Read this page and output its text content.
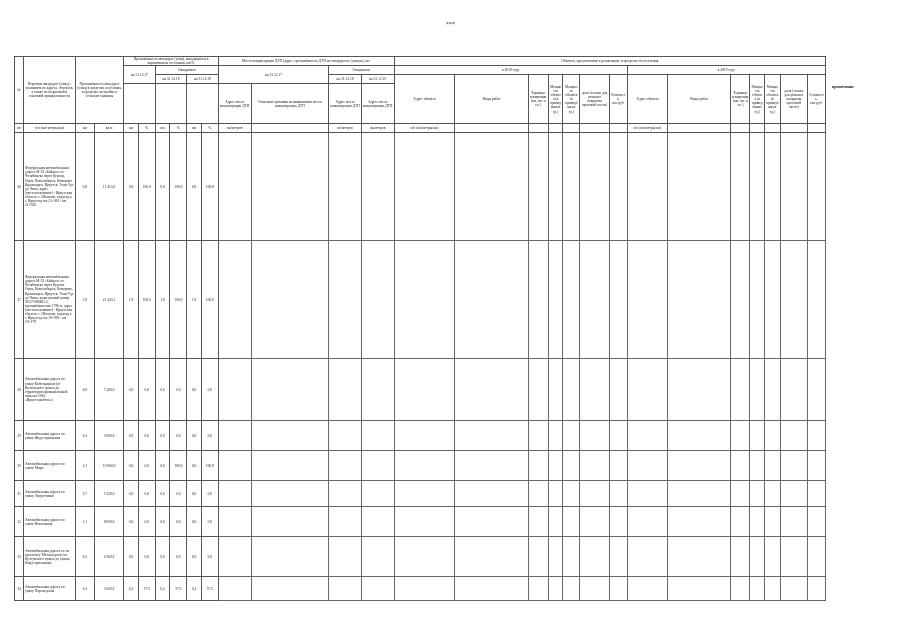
***
примечание
№	Перечень автодорог (улиц) с указанием их адреса, объектов, а также их вторичной и основной принадлежности	Протяжённость автодорог (улиц) в пределах поселения, в пределах застройки и сельские границы		Протяжённость автодорог (улиц), находящихся в нормативном состоянии, км/%						Места концентрации ДТП (адрес, протяжённость ДТП на автодорогах (улицах), шт.				Объекты, предлагаемые к реализации, в пределах её поселения													
				на 31.12.17		Ожидаемое				на 31.12.17		Ожидаемое		в 2018 году							в 2019 году						
						на 31.12.18		на 31.12.19				на 31.12.18	на 31.12.19	Адрес объекта	Виды работ	Единица измерения (км, шт. и т.п.)	Мощность объекта (в приведённых ед.)	Мощность объекта (в приведённых ед.)	доля (только для ремонта покрытия проезжей части)	Стоимость, тыс.руб.	Адрес объекта	Виды работ	Единица измерения (км, шт. и т.п.)	Мощность объекта (в приведённых ед.)	Мощность объекта (в приведённых ед.)	доля (только для ремонта покрытия проезжей части)	Стоимость, тыс.руб.
										Адрес места концентрации ДТП	Описание причины возникновения места концентрации ДТП	Адрес места концентрации ДТП	Адрес места концентрации ДТП														
п/п	п/п (км+метры/км)	км	кв.м	км	%	км	%	км	%	пк/метров		пк/метров	пк/метров	п/п (км/метры/км)							п/п (км/метры/км)						
26	Федеральная автомобильная дорога М-53 «Байкал»-от Челябинска через Курган, Омск, Новосибирск, Кемерово, Красноярск, Иркутск, Улан-Удэ до Читы, адрес (местоположение) - Иркутская область, г. Шелехов, подъезд к г. Иркутску км 21+363 - км 21+929	0,8	11 413,0	0,8	100,0	0,8	100,0	0,8	100,0																		
27	Федеральная автомобильная дорога М-53 «Байкал»-от Челябинска через Курган, Омск, Новосибирск, Кемерово, Красноярск, Иркутск, Улан-Удэ до Читы, кадастровый номер 38:27:000401:2, протяжённостью 1786 м, адрес (местоположение) - Иркутская область, г. Шелехов, подъезд к г. Иркутску км 19+569 - км 19+179	1,8	21 443,1	1,8	100,0	1,8	100,0	1,8	100,0																		
28	Автомобильная дорога по улице Кабельщиков (от Култукского тракта до территории промышленной зоны на ОАО «Иркутсккабель»)	0,9	7 200,0	0,0	0,0	0,0	0,0	0,0	0,0																		
29	Автомобильная дорога по улице Индустриальная	0,4	3 000,0	0,0	0,0	0,0	0,0	0,0	0,0																		
30	Автомобильная дорога по улице Мира	1,3	10 960,0	0,0	0,0	0,0	100,0	0,0	100,0																		
31	Автомобильная дорога по улице Энергетиков	0,7	5 320,0	0,0	0,0	0,0	0,0	0,0	0,0																		
32	Автомобильная дорога по улице Вокзальная	1,1	8 050,0	0,0	0,0	0,0	0,0	0,0	0,0																		
33	Автомобильная дорога по по проспекту Металлургов (от Култукского тракта до улицы Индустриальная)	0,5	4 560,0	0,0	0,0	0,0	0,0	0,0	0,0																		
34	Автомобильная дорога по улице Пароходская	0,4	3 640,0	0,2	57,5	0,2	57,5	0,2	57,5																		
